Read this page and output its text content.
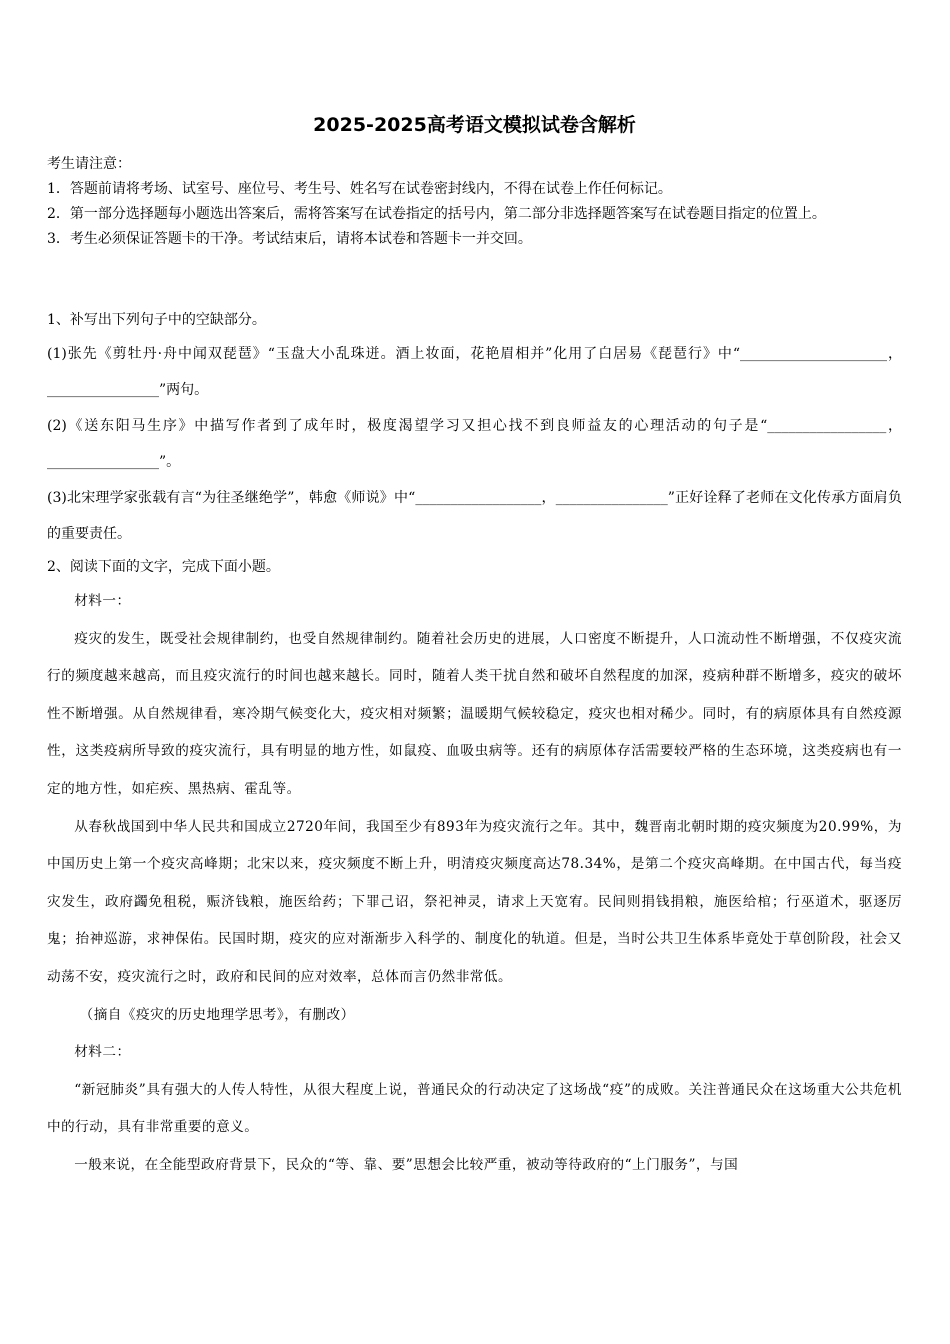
2025-2025高考语文模拟试卷含解析

考生请注意：

1．答题前请将考场、试室号、座位号、考生号、姓名写在试卷密封线内，不得在试卷上作任何标记。

2．第一部分选择题每小题选出答案后，需将答案写在试卷指定的括号内，第二部分非选择题答案写在试卷题目指定的位置上。

3．考生必须保证答题卡的干净。考试结束后，请将本试卷和答题卡一并交回。

1、补写出下列句子中的空缺部分。

(1)张先《剪牡丹·舟中闻双琵琶》“玉盘大小乱珠迸。酒上妆面，花艳眉相并”化用了白居易《琵琶行》中“_____________________，________________”两句。

(2)《送东阳马生序》中描写作者到了成年时，极度渴望学习又担心找不到良师益友的心理活动的句子是“_________________，________________”。

(3)北宋理学家张载有言“为往圣继绝学”，韩愈《师说》中“__________________，________________”正好诠释了老师在文化传承方面肩负的重要责任。

2、阅读下面的文字，完成下面小题。

材料一：

疫灾的发生，既受社会规律制约，也受自然规律制约。随着社会历史的进展，人口密度不断提升，人口流动性不断增强，不仅疫灾流行的频度越来越高，而且疫灾流行的时间也越来越长。同时，随着人类干扰自然和破坏自然程度的加深，疫病种群不断增多，疫灾的破坏性不断增强。从自然规律看，寒冷期气候变化大，疫灾相对频繁；温暖期气候较稳定，疫灾也相对稀少。同时，有的病原体具有自然疫源性，这类疫病所导致的疫灾流行，具有明显的地方性，如鼠疫、血吸虫病等。还有的病原体存活需要较严格的生态环境，这类疫病也有一定的地方性，如疟疾、黑热病、霍乱等。

从春秋战国到中华人民共和国成立2720年间，我国至少有893年为疫灾流行之年。其中，魏晋南北朝时期的疫灾频度为20.99%，为中国历史上第一个疫灾高峰期；北宋以来，疫灾频度不断上升，明清疫灾频度高达78.34%，是第二个疫灾高峰期。在中国古代，每当疫灾发生，政府蠲免租税，赈济钱粮，施医给药；下罪己诏，祭祀神灵，请求上天宽宥。民间则捐钱捐粮，施医给棺；行巫道术，驱逐厉鬼；抬神巡游，求神保佑。民国时期，疫灾的应对渐渐步入科学的、制度化的轨道。但是，当时公共卫生体系毕竟处于草创阶段，社会又动荡不安，疫灾流行之时，政府和民间的应对效率，总体而言仍然非常低。

（摘自《疫灾的历史地理学思考》，有删改）

材料二：

“新冠肺炎”具有强大的人传人特性，从很大程度上说，普通民众的行动决定了这场战“疫”的成败。关注普通民众在这场重大公共危机中的行动，具有非常重要的意义。

一般来说，在全能型政府背景下，民众的“等、靠、要”思想会比较严重，被动等待政府的“上门服务”，与国
